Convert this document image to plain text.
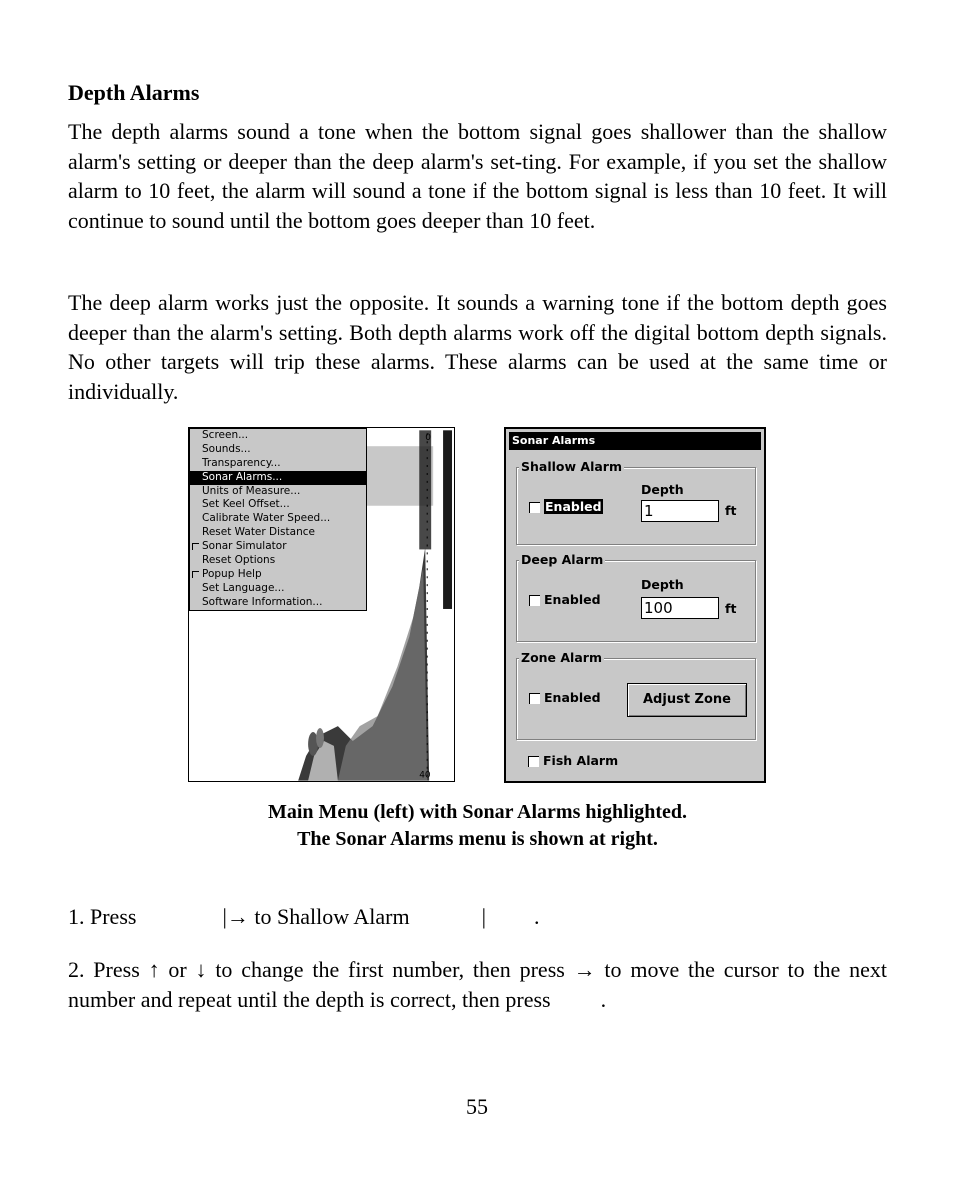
Depth Alarms

The depth alarms sound a tone when the bottom signal goes shallower than the shallow alarm's setting or deeper than the deep alarm's set-ting. For example, if you set the shallow alarm to 10 feet, the alarm will sound a tone if the bottom signal is less than 10 feet. It will continue to sound until the bottom goes deeper than 10 feet.

The deep alarm works just the opposite. It sounds a warning tone if the bottom depth goes deeper than the alarm's setting. Both depth alarms work off the digital bottom depth signals. No other targets will trip these alarms. These alarms can be used at the same time or individually.

0
40
Screen...
Sounds...
Transparency...
Sonar Alarms...
Units of Measure...
Set Keel Offset...
Calibrate Water Speed...
Reset Water Distance
Sonar Simulator
Reset Options
Popup Help
Set Language...
Software Information...
Sonar Alarms
Shallow Alarm
Enabled
Depth
1	ft
Deep Alarm
Enabled
Depth
100	ft
Zone Alarm
Enabled	Adjust Zone
Fish Alarm
Main Menu (left) with Sonar Alarms highlighted.
The Sonar Alarms menu is shown at right.

1. Press	|→ to Shallow Alarm	| .

2. Press ↑ or ↓ to change the first number, then press → to move the cursor to the next number and repeat until the depth is correct, then press .

55
